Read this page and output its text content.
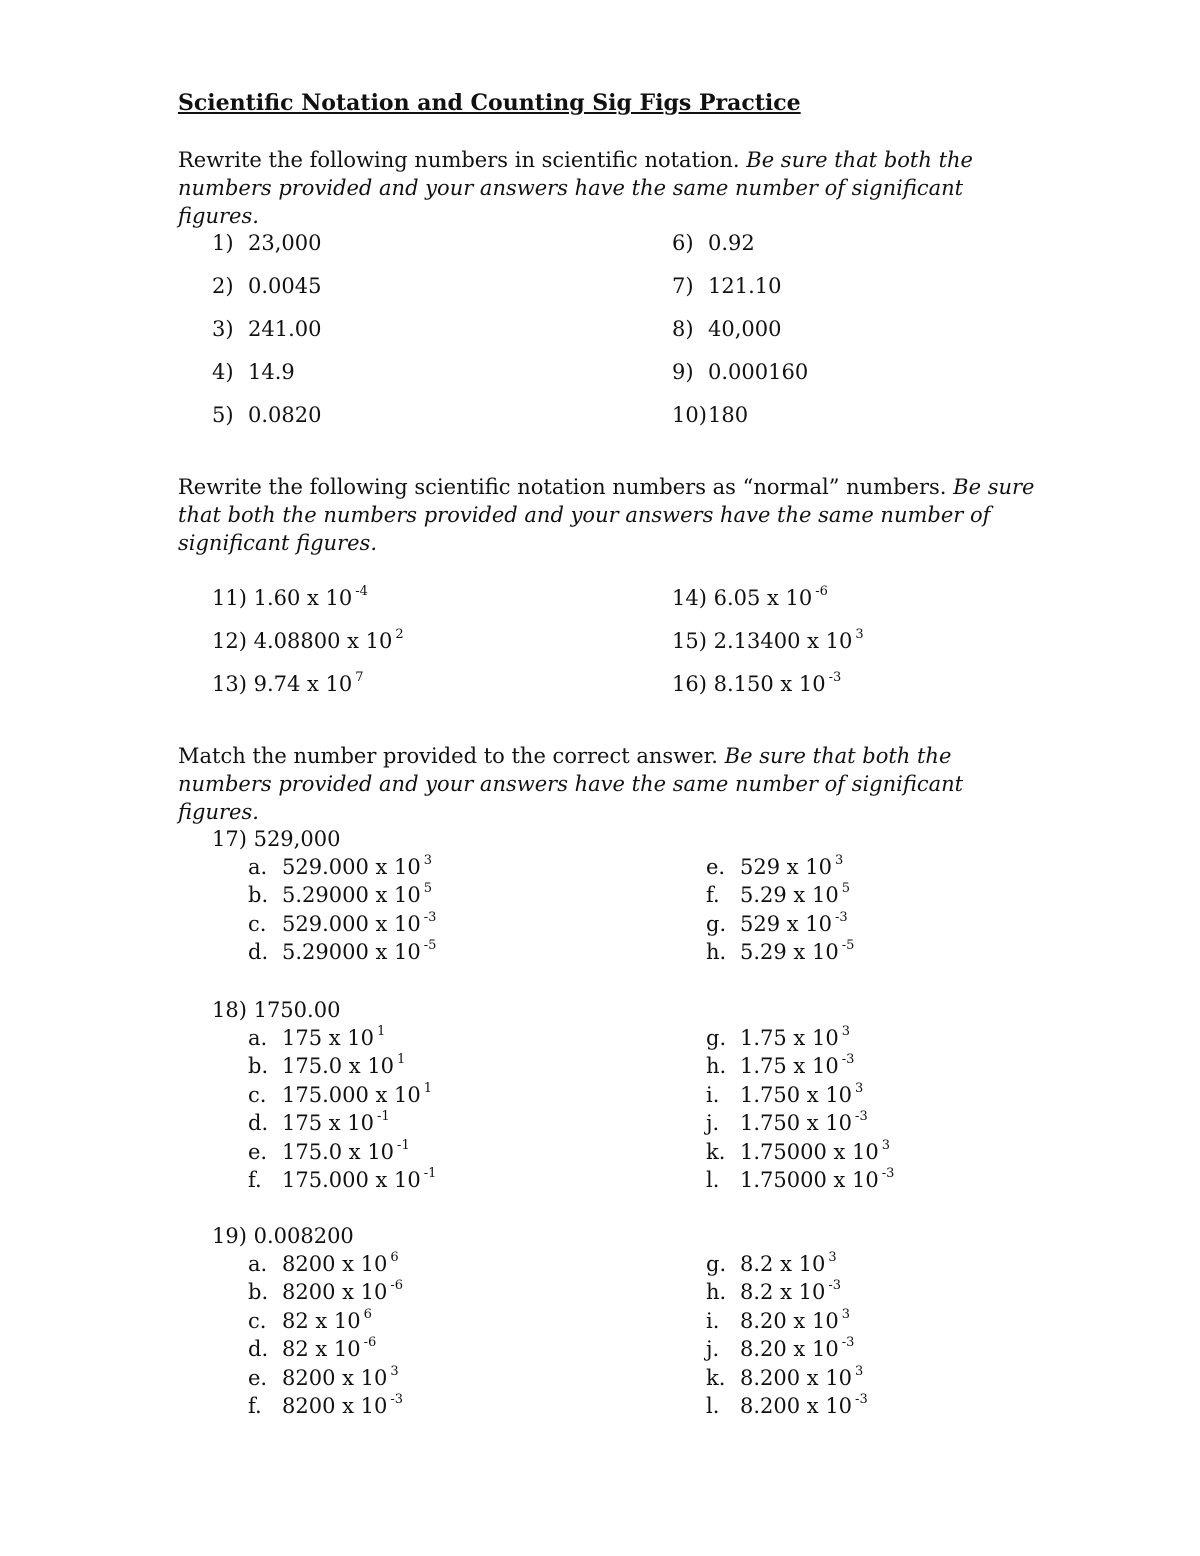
Scientific Notation and Counting Sig Figs Practice
Rewrite the following numbers in scientific notation. Be sure that both the numbers provided and your answers have the same number of significant figures.
1) 23,000
2) 0.0045
3) 241.00
4) 14.9
5) 0.0820
6) 0.92
7) 121.10
8) 40,000
9) 0.000160
10)180
Rewrite the following scientific notation numbers as “normal” numbers. Be sure that both the numbers provided and your answers have the same number of significant figures.
11) 1.60 x 10 $^{-4}$
12) 4.08800 x 10 $^2$
13) 9.74 x 10 $^7$
14) 6.05 x 10 $^{-6}$
15) 2.13400 x 10 $^3$
16) 8.150 x 10 $^{-3}$
Match the number provided to the correct answer. Be sure that both the numbers provided and your answers have the same number of significant figures.
17) 529,000
a. 529.000 x 10 $^3$
b. 5.29000 x 10 $^5$
c. 529.000 x 10 $^{-3}$
d. 5.29000 x 10 $^{-5}$
e. 529 x 10 $^3$
f. 5.29 x 10 $^5$
g. 529 x 10 $^{-3}$
h. 5.29 x 10 $^{-5}$
18) 1750.00
a. 175 x 10 $^1$
b. 175.0 x 10 $^1$
c. 175.000 x 10 $^1$
d. 175 x 10 $^{-1}$
e. 175.0 x 10 $^{-1}$
f. 175.000 x 10 $^{-1}$
g. 1.75 x 10 $^3$
h. 1.75 x 10 $^{-3}$
i. 1.750 x 10 $^3$
j. 1.750 x 10 $^{-3}$
k. 1.75000 x 10 $^3$
l. 1.75000 x 10 $^{-3}$
19) 0.008200
a. 8200 x 10 $^6$
b. 8200 x 10 $^{-6}$
c. 82 x 10 $^6$
d. 82 x 10 $^{-6}$
e. 8200 x 10 $^3$
f. 8200 x 10 $^{-3}$
g. 8.2 x 10 $^3$
h. 8.2 x 10 $^{-3}$
i. 8.20 x 10 $^3$
j. 8.20 x 10 $^{-3}$
k. 8.200 x 10 $^3$
l. 8.200 x 10 $^{-3}$
